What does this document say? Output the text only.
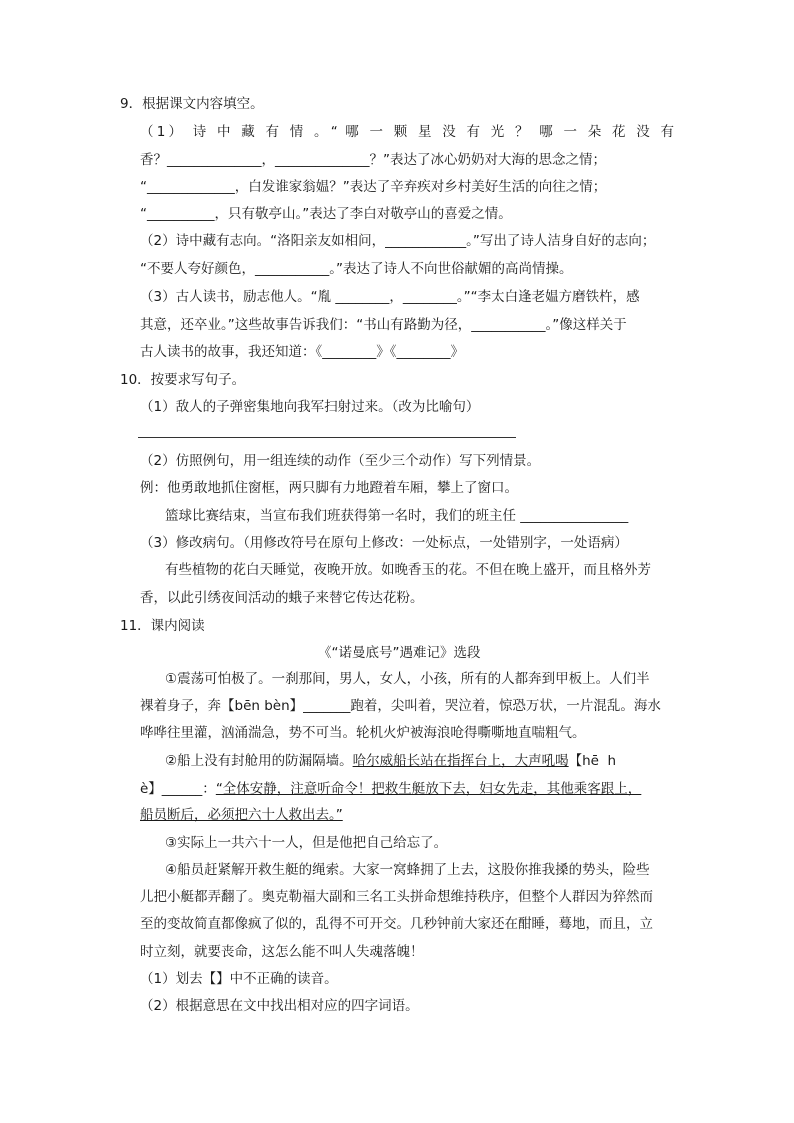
9．根据课文内容填空。
（1） 诗 中 藏 有 情 。“ 哪 一 颗 星 没 有 光 ？ 哪 一 朵 花 没 有
香？______________，______________？”表达了冰心奶奶对大海的思念之情；
“_____________，白发谁家翁媪？”表达了辛弃疾对乡村美好生活的向往之情；
“__________，只有敬亭山。”表达了李白对敬亭山的喜爱之情。
（2）诗中藏有志向。“洛阳亲友如相问，____________。”写出了诗人洁身自好的志向；
“不要人夸好颜色，___________。”表达了诗人不向世俗献媚的高尚情操。
（3）古人读书，励志他人。“胤 ________，________。”“李太白逢老媪方磨铁杵，感
其意，还卒业。”这些故事告诉我们：“书山有路勤为径，___________。”像这样关于
古人读书的故事，我还知道：《________》《________》
10．按要求写句子。
（1）敌人的子弹密集地向我军扫射过来。（改为比喻句）
（2）仿照例句，用一组连续的动作（至少三个动作）写下列情景。
例：他勇敢地抓住窗框，两只脚有力地蹬着车厢，攀上了窗口。
篮球比赛结束，当宣布我们班获得第一名时，我们的班主任 ________________
（3）修改病句。（用修改符号在原句上修改：一处标点，一处错别字，一处语病）
有些植物的花白天睡觉，夜晚开放。如晚香玉的花。不但在晚上盛开，而且格外芳
香，以此引绣夜间活动的蛾子来替它传达花粉。
11．课内阅读
《“诺曼底号”遇难记》选段
①震荡可怕极了。一刹那间，男人，女人，小孩，所有的人都奔到甲板上。人们半
裸着身子，奔【bēn bèn】_______跑着，尖叫着，哭泣着，惊恐万状，一片混乱。海水
哗哗往里灌，汹涌湍急，势不可当。轮机火炉被海浪呛得嘶嘶地直喘粗气。
②船上没有封舱用的防漏隔墙。哈尔威船长站在指挥台上，大声吼喝【hē  h
è】______：“全体安静，注意听命令！把救生艇放下去，妇女先走，其他乘客跟上，
船员断后，必须把六十人救出去。”
③实际上一共六十一人，但是他把自己给忘了。
④船员赶紧解开救生艇的绳索。大家一窝蜂拥了上去，这股你推我搡的势头，险些
儿把小艇都弄翻了。奥克勒福大副和三名工头拼命想维持秩序，但整个人群因为猝然而
至的变故简直都像疯了似的，乱得不可开交。几秒钟前大家还在酣睡，蓦地，而且，立
时立刻，就要丧命，这怎么能不叫人失魂落魄！
（1）划去【】中不正确的读音。
（2）根据意思在文中找出相对应的四字词语。
